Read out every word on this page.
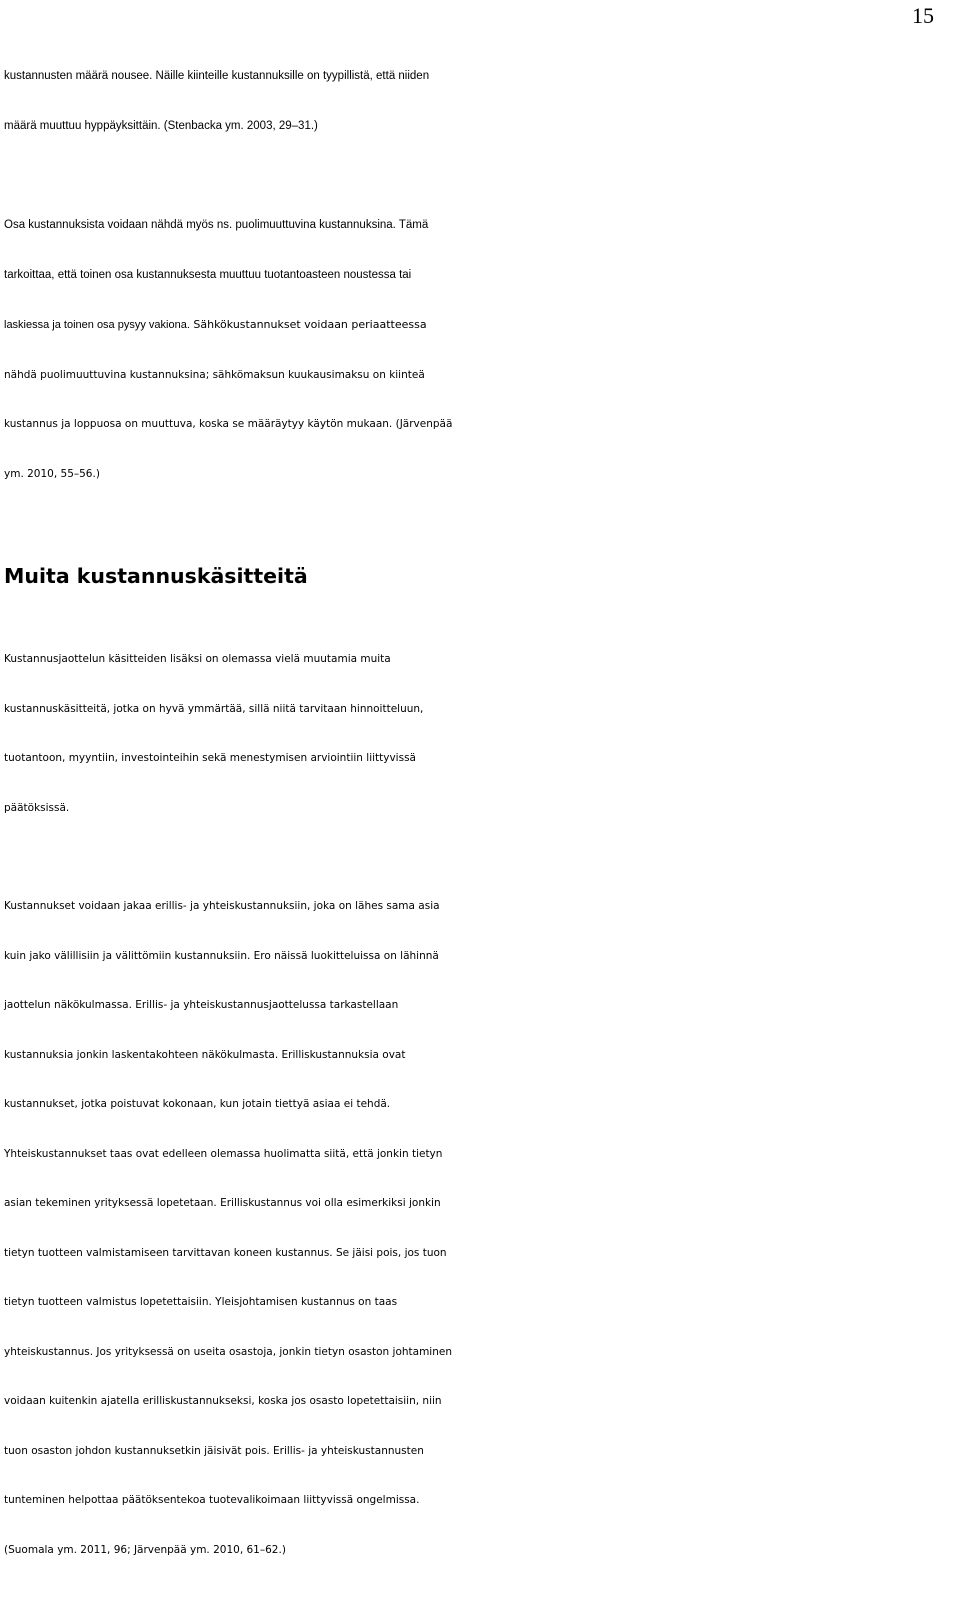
15

kustannusten määrä nousee. Näille kiinteille kustannuksille on tyypillistä, että niiden
määrä muuttuu hyppäyksittäin. (Stenbacka ym. 2003, 29–31.)

Osa kustannuksista voidaan nähdä myös ns. puolimuuttuvina kustannuksina. Tämä
tarkoittaa, että toinen osa kustannuksesta muuttuu tuotantoasteen noustessa tai
laskiessa ja toinen osa pysyy vakiona. Sähkökustannukset voidaan periaatteessa
nähdä puolimuuttuvina kustannuksina; sähkömaksun kuukausimaksu on kiinteä
kustannus ja loppuosa on muuttuva, koska se määräytyy käytön mukaan. (Järvenpää
ym. 2010, 55–56.)

Muita kustannuskäsitteitä

Kustannusjaottelun käsitteiden lisäksi on olemassa vielä muutamia muita
kustannuskäsitteitä, jotka on hyvä ymmärtää, sillä niitä tarvitaan hinnoitteluun,
tuotantoon, myyntiin, investointeihin sekä menestymisen arviointiin liittyvissä
päätöksissä.

Kustannukset voidaan jakaa erillis- ja yhteiskustannuksiin, joka on lähes sama asia
kuin jako välillisiin ja välittömiin kustannuksiin. Ero näissä luokitteluissa on lähinnä
jaottelun näkökulmassa. Erillis- ja yhteiskustannusjaottelussa tarkastellaan
kustannuksia jonkin laskentakohteen näkökulmasta. Erilliskustannuksia ovat
kustannukset, jotka poistuvat kokonaan, kun jotain tiettyä asiaa ei tehdä.
Yhteiskustannukset taas ovat edelleen olemassa huolimatta siitä, että jonkin tietyn
asian tekeminen yrityksessä lopetetaan. Erilliskustannus voi olla esimerkiksi jonkin
tietyn tuotteen valmistamiseen tarvittavan koneen kustannus. Se jäisi pois, jos tuon
tietyn tuotteen valmistus lopetettaisiin. Yleisjohtamisen kustannus on taas
yhteiskustannus. Jos yrityksessä on useita osastoja, jonkin tietyn osaston johtaminen
voidaan kuitenkin ajatella erilliskustannukseksi, koska jos osasto lopetettaisiin, niin
tuon osaston johdon kustannuksetkin jäisivät pois. Erillis- ja yhteiskustannusten
tunteminen helpottaa päätöksentekoa tuotevalikoimaan liittyvissä ongelmissa.
(Suomala ym. 2011, 96; Järvenpää ym. 2010, 61–62.)
